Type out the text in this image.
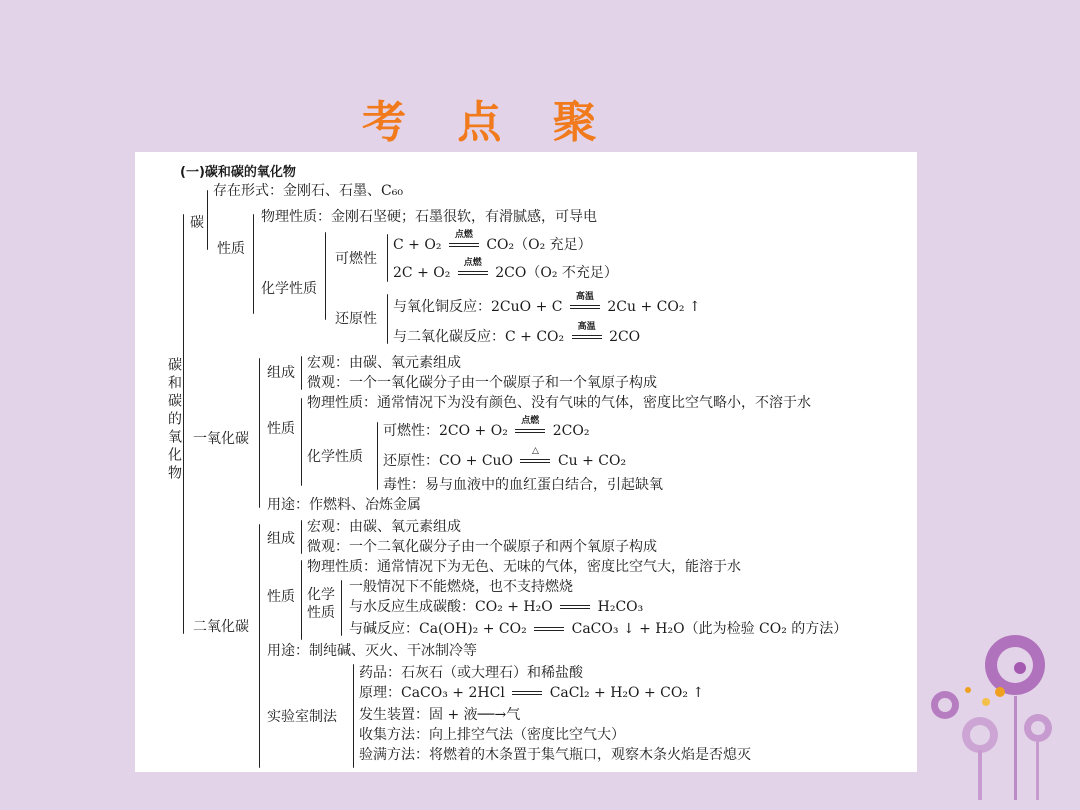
考 点 聚
(一)碳和碳的氧化物
碳和碳的氧化物
碳
存在形式：金刚石、石墨、C₆₀
性质
物理性质：金刚石坚硬；石墨很软，有滑腻感，可导电
化学性质
可燃性
C + O₂
点燃
CO₂（O₂ 充足）
2C + O₂
点燃
2CO（O₂ 不充足）
还原性
与氧化铜反应：2CuO + C
高温
2Cu + CO₂ ↑
与二氧化碳反应：C + CO₂
高温
2CO
一氧化碳
组成
宏观：由碳、氧元素组成
微观：一个一氧化碳分子由一个碳原子和一个氧原子构成
性质
物理性质：通常情况下为没有颜色、没有气味的气体，密度比空气略小，不溶于水
化学性质
可燃性：2CO + O₂
点燃
2CO₂
还原性：CO + CuO
△
Cu + CO₂
毒性：易与血液中的血红蛋白结合，引起缺氧
用途：作燃料、冶炼金属
二氧化碳
组成
宏观：由碳、氧元素组成
微观：一个二氧化碳分子由一个碳原子和两个氧原子构成
性质
物理性质：通常情况下为无色、无味的气体，密度比空气大，能溶于水
化学
性质
一般情况下不能燃烧，也不支持燃烧
与水反应生成碳酸：CO₂ + H₂O	H₂CO₃
与碱反应：Ca(OH)₂ + CO₂	CaCO₃ ↓ + H₂O（此为检验 CO₂ 的方法）
用途：制纯碱、灭火、干冰制冷等
实验室制法
药品：石灰石（或大理石）和稀盐酸
原理：CaCO₃ + 2HCl	CaCl₂ + H₂O + CO₂ ↑
发生装置：固 + 液──→气
收集方法：向上排空气法（密度比空气大）
验满方法：将燃着的木条置于集气瓶口，观察木条火焰是否熄灭
